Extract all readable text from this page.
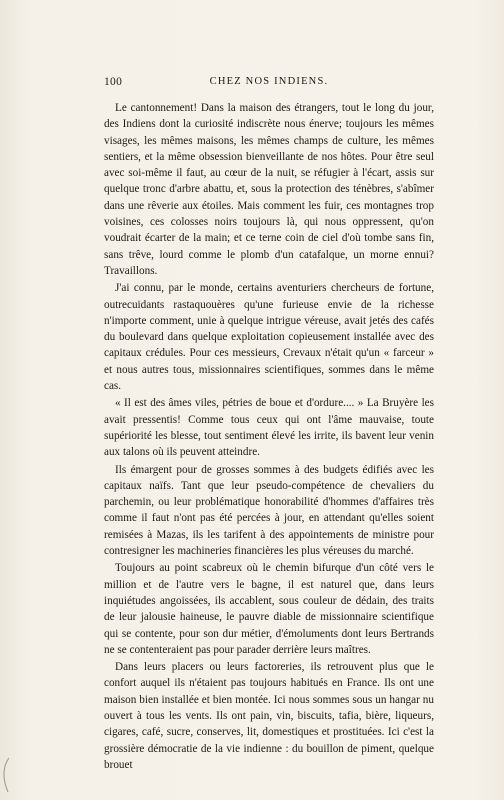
100	CHEZ NOS INDIENS.

Le cantonnement! Dans la maison des étrangers, tout le long du jour, des Indiens dont la curiosité indiscrète nous énerve; toujours les mêmes visages, les mêmes maisons, les mêmes champs de culture, les mêmes sentiers, et la même obsession bienveillante de nos hôtes. Pour être seul avec soi-même il faut, au cœur de la nuit, se réfugier à l'écart, assis sur quelque tronc d'arbre abattu, et, sous la protection des ténèbres, s'abîmer dans une rêverie aux étoiles. Mais comment les fuir, ces montagnes trop voisines, ces colosses noirs toujours là, qui nous oppressent, qu'on voudrait écarter de la main; et ce terne coin de ciel d'où tombe sans fin, sans trêve, lourd comme le plomb d'un catafalque, un morne ennui? Travaillons.

J'ai connu, par le monde, certains aventuriers chercheurs de fortune, outrecuidants rastaquouères qu'une furieuse envie de la richesse n'importe comment, unie à quelque intrigue véreuse, avait jetés des cafés du boulevard dans quelque exploitation copieusement installée avec des capitaux crédules. Pour ces messieurs, Crevaux n'était qu'un « farceur » et nous autres tous, missionnaires scientifiques, sommes dans le même cas.

« Il est des âmes viles, pétries de boue et d'ordure.... » La Bruyère les avait pressentis! Comme tous ceux qui ont l'âme mauvaise, toute supériorité les blesse, tout sentiment élevé les irrite, ils bavent leur venin aux talons où ils peuvent atteindre.

Ils émargent pour de grosses sommes à des budgets édifiés avec les capitaux naïfs. Tant que leur pseudo-compétence de chevaliers du parchemin, ou leur problématique honorabilité d'hommes d'affaires très comme il faut n'ont pas été percées à jour, en attendant qu'elles soient remisées à Mazas, ils les tarifent à des appointements de ministre pour contresigner les machineries financières les plus véreuses du marché.

Toujours au point scabreux où le chemin bifurque d'un côté vers le million et de l'autre vers le bagne, il est naturel que, dans leurs inquiétudes angoissées, ils accablent, sous couleur de dédain, des traits de leur jalousie haineuse, le pauvre diable de missionnaire scientifique qui se contente, pour son dur métier, d'émoluments dont leurs Bertrands ne se contenteraient pas pour parader derrière leurs maîtres.

Dans leurs placers ou leurs factoreries, ils retrouvent plus que le confort auquel ils n'étaient pas toujours habitués en France. Ils ont une maison bien installée et bien montée. Ici nous sommes sous un hangar nu ouvert à tous les vents. Ils ont pain, vin, biscuits, tafia, bière, liqueurs, cigares, café, sucre, conserves, lit, domestiques et prostituées. Ici c'est la grossière démocratie de la vie indienne : du bouillon de piment, quelque brouet
